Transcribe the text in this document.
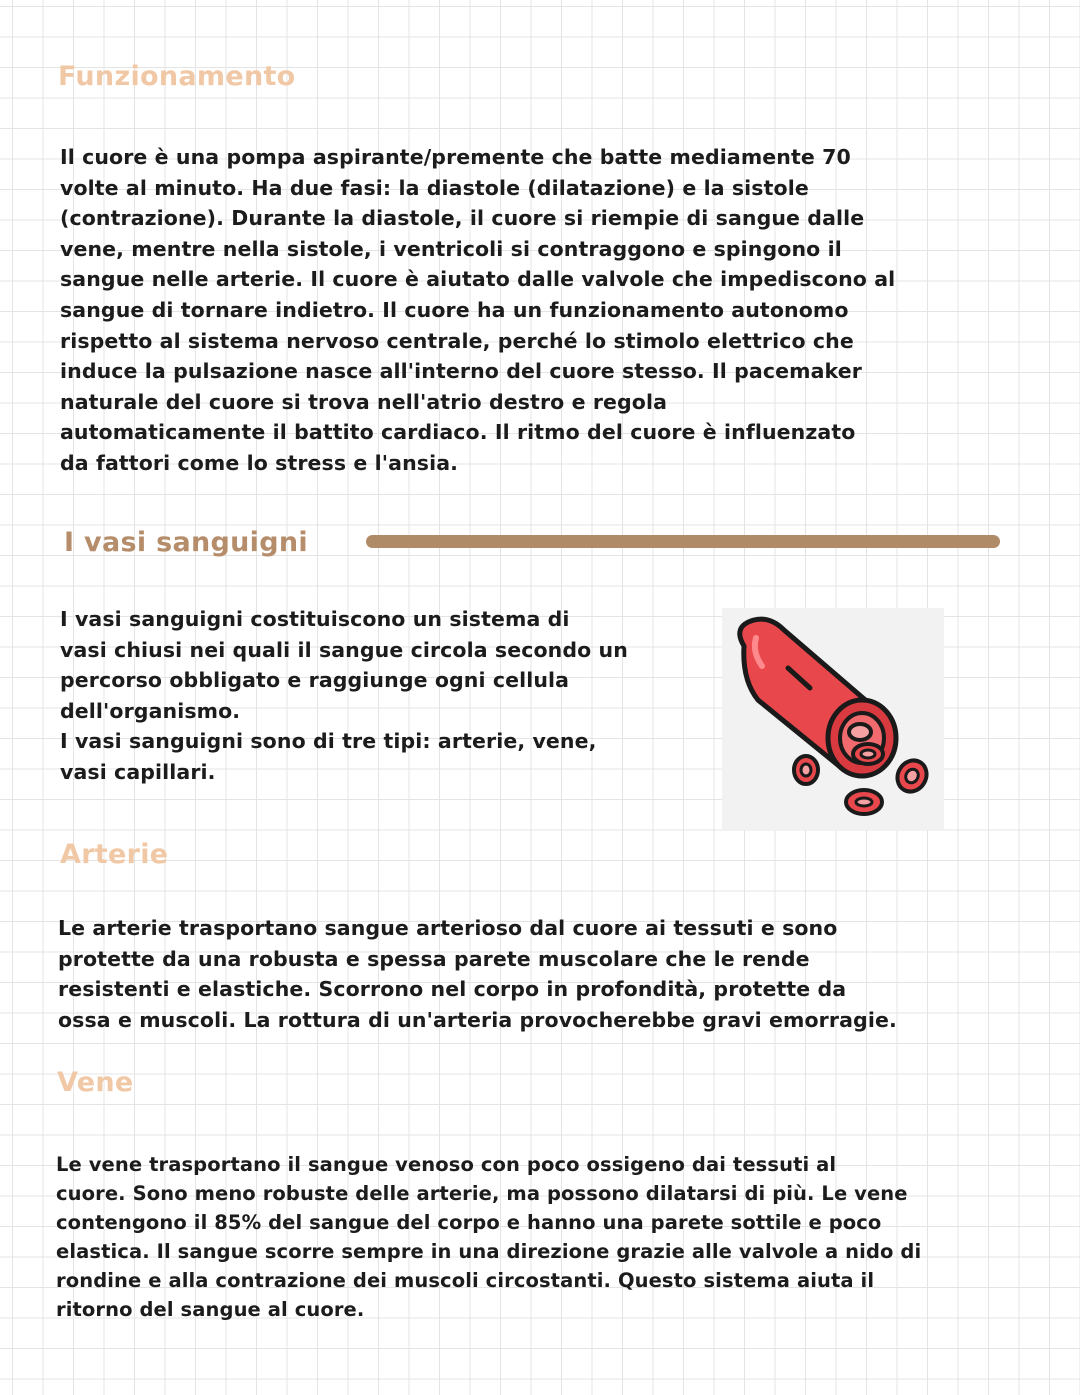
Funzionamento

Il cuore è una pompa aspirante/premente che batte mediamente 70
volte al minuto. Ha due fasi: la diastole (dilatazione) e la sistole
(contrazione). Durante la diastole, il cuore si riempie di sangue dalle
vene, mentre nella sistole, i ventricoli si contraggono e spingono il
sangue nelle arterie. Il cuore è aiutato dalle valvole che impediscono al
sangue di tornare indietro. Il cuore ha un funzionamento autonomo
rispetto al sistema nervoso centrale, perché lo stimolo elettrico che
induce la pulsazione nasce all'interno del cuore stesso. Il pacemaker
naturale del cuore si trova nell'atrio destro e regola
automaticamente il battito cardiaco. Il ritmo del cuore è influenzato
da fattori come lo stress e l'ansia.

I vasi sanguigni

I vasi sanguigni costituiscono un sistema di
vasi chiusi nei quali il sangue circola secondo un
percorso obbligato e raggiunge ogni cellula
dell'organismo.
I vasi sanguigni sono di tre tipi: arterie, vene,
vasi capillari.

Arterie

Le arterie trasportano sangue arterioso dal cuore ai tessuti e sono
protette da una robusta e spessa parete muscolare che le rende
resistenti e elastiche. Scorrono nel corpo in profondità, protette da
ossa e muscoli. La rottura di un'arteria provocherebbe gravi emorragie.

Vene

Le vene trasportano il sangue venoso con poco ossigeno dai tessuti al
cuore. Sono meno robuste delle arterie, ma possono dilatarsi di più. Le vene
contengono il 85% del sangue del corpo e hanno una parete sottile e poco
elastica. Il sangue scorre sempre in una direzione grazie alle valvole a nido di
rondine e alla contrazione dei muscoli circostanti. Questo sistema aiuta il
ritorno del sangue al cuore.
